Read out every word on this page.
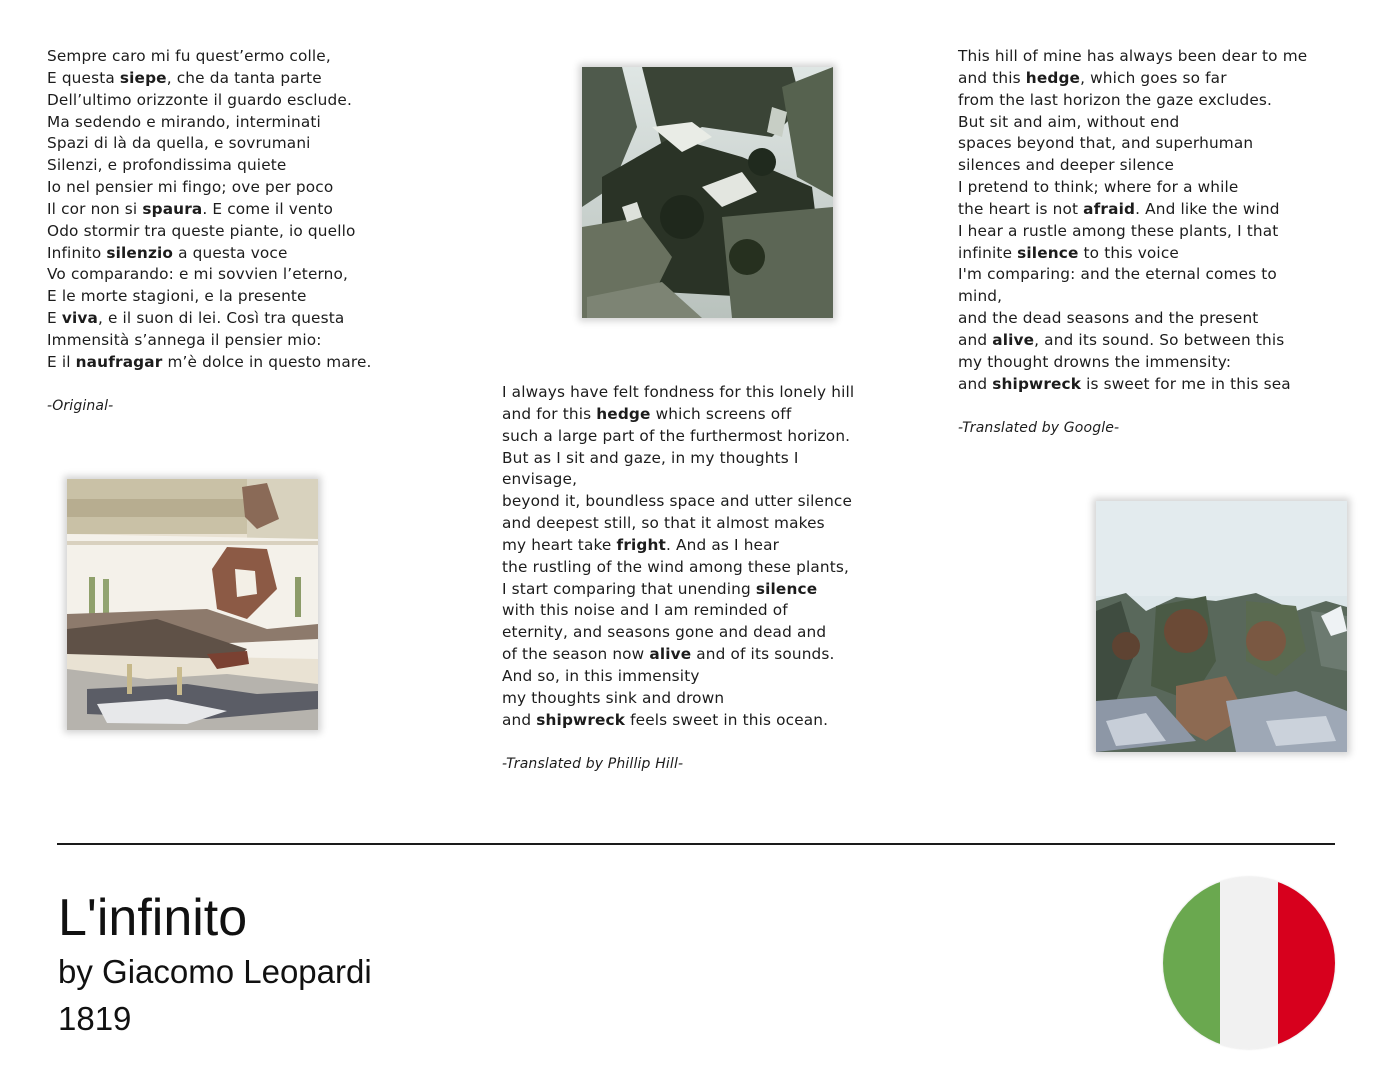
Sempre caro mi fu quest’ermo colle,
E questa siepe, che da tanta parte
Dell’ultimo orizzonte il guardo esclude.
Ma sedendo e mirando, interminati
Spazi di là da quella, e sovrumani
Silenzi, e profondissima quiete
Io nel pensier mi fingo; ove per poco
Il cor non si spaura. E come il vento
Odo stormir tra queste piante, io quello
Infinito silenzio a questa voce
Vo comparando: e mi sovvien l’eterno,
E le morte stagioni, e la presente
E viva, e il suon di lei. Così tra questa
Immensità s’annega il pensier mio:
E il naufragar m’è dolce in questo mare.
-Original-
I always have felt fondness for this lonely hill
and for this hedge which screens off
such a large part of the furthermost horizon.
But as I sit and gaze, in my thoughts I
envisage,
beyond it, boundless space and utter silence
and deepest still, so that it almost makes
my heart take fright. And as I hear
the rustling of the wind among these plants,
I start comparing that unending silence
with this noise and I am reminded of
eternity, and seasons gone and dead and
of the season now alive and of its sounds.
And so, in this immensity
my thoughts sink and drown
and shipwreck feels sweet in this ocean.
-Translated by Phillip Hill-
This hill of mine has always been dear to me
and this hedge, which goes so far
from the last horizon the gaze excludes.
But sit and aim, without end
spaces beyond that, and superhuman
silences and deeper silence
I pretend to think; where for a while
the heart is not afraid. And like the wind
I hear a rustle among these plants, I that
infinite silence to this voice
I'm comparing: and the eternal comes to
mind,
and the dead seasons and the present
and alive, and its sound. So between this
my thought drowns the immensity:
and shipwreck is sweet for me in this sea
-Translated by Google-
L'infinito
by Giacomo Leopardi
1819
